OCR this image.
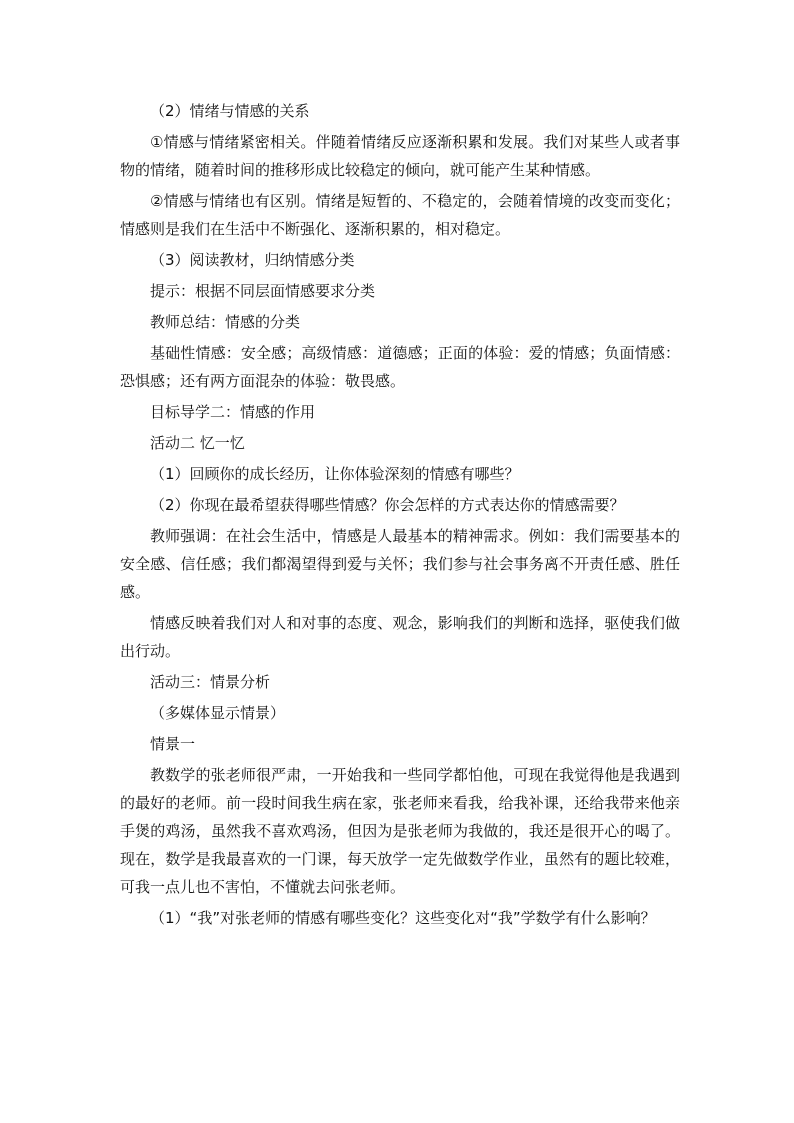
（2）情绪与情感的关系

①情感与情绪紧密相关。伴随着情绪反应逐渐积累和发展。我们对某些人或者事物的情绪，随着时间的推移形成比较稳定的倾向，就可能产生某种情感。

②情感与情绪也有区别。情绪是短暂的、不稳定的，会随着情境的改变而变化；情感则是我们在生活中不断强化、逐渐积累的，相对稳定。

（3）阅读教材，归纳情感分类

提示：根据不同层面情感要求分类

教师总结：情感的分类

基础性情感：安全感；高级情感：道德感；正面的体验：爱的情感；负面情感：恐惧感；还有两方面混杂的体验：敬畏感。

目标导学二：情感的作用

活动二 忆一忆

（1）回顾你的成长经历，让你体验深刻的情感有哪些？

（2）你现在最希望获得哪些情感？你会怎样的方式表达你的情感需要？

教师强调：在社会生活中，情感是人最基本的精神需求。例如：我们需要基本的安全感、信任感；我们都渴望得到爱与关怀；我们参与社会事务离不开责任感、胜任感。

情感反映着我们对人和对事的态度、观念，影响我们的判断和选择，驱使我们做出行动。

活动三：情景分析

（多媒体显示情景）

情景一

教数学的张老师很严肃，一开始我和一些同学都怕他，可现在我觉得他是我遇到的最好的老师。前一段时间我生病在家，张老师来看我，给我补课，还给我带来他亲手煲的鸡汤，虽然我不喜欢鸡汤，但因为是张老师为我做的，我还是很开心的喝了。现在，数学是我最喜欢的一门课，每天放学一定先做数学作业，虽然有的题比较难，可我一点儿也不害怕，不懂就去问张老师。

（1）“我”对张老师的情感有哪些变化？这些变化对“我”学数学有什么影响？
